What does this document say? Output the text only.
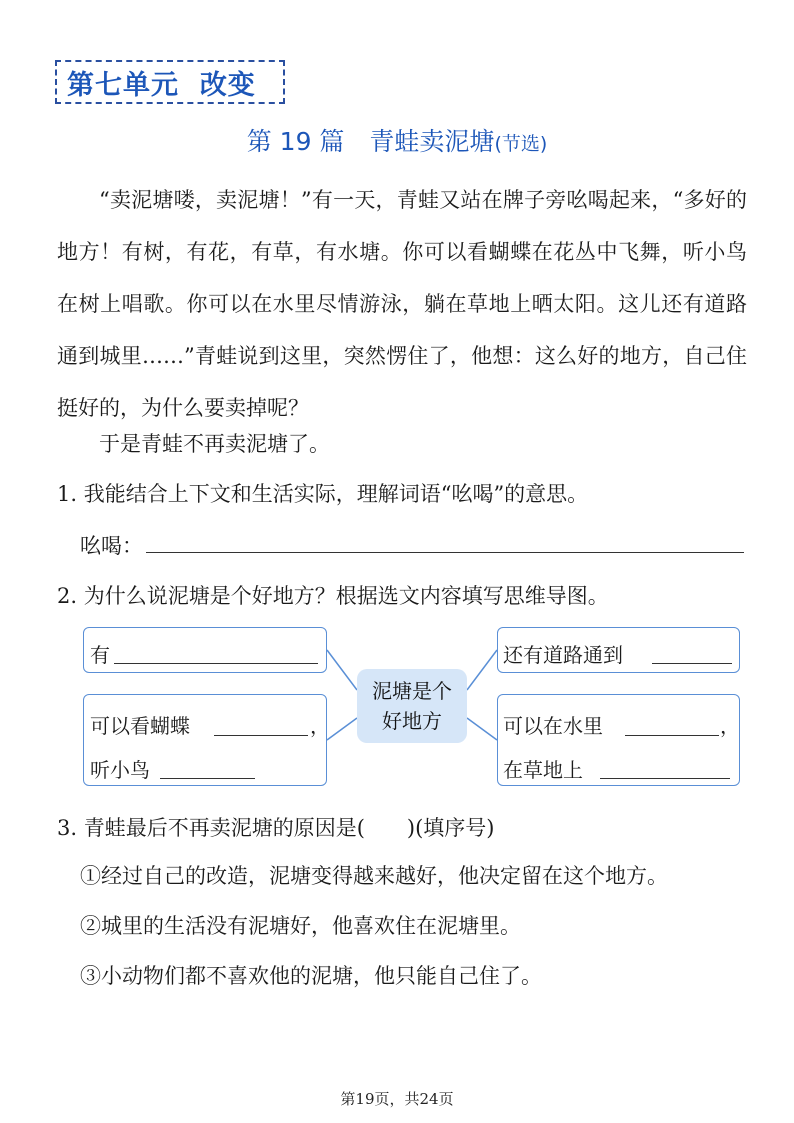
第七单元
改变
第 19 篇　青蛙卖泥塘(节选)
“卖泥塘喽，卖泥塘！”有一天，青蛙又站在牌子旁吆喝起来，“多好的地方！有树，有花，有草，有水塘。你可以看蝴蝶在花丛中飞舞，听小鸟在树上唱歌。你可以在水里尽情游泳，躺在草地上晒太阳。这儿还有道路通到城里……”青蛙说到这里，突然愣住了，他想：这么好的地方，自己住挺好的，为什么要卖掉呢？
于是青蛙不再卖泥塘了。
1. 我能结合上下文和生活实际，理解词语“吆喝”的意思。
吆喝：
2. 为什么说泥塘是个好地方？根据选文内容填写思维导图。
有
可以看蝴蝶	，
听小鸟
泥塘是个
好地方
还有道路通到
可以在水里	，
在草地上
3. 青蛙最后不再卖泥塘的原因是(　　)(填序号)
①经过自己的改造，泥塘变得越来越好，他决定留在这个地方。
②城里的生活没有泥塘好，他喜欢住在泥塘里。
③小动物们都不喜欢他的泥塘，他只能自己住了。
第19页，共24页
